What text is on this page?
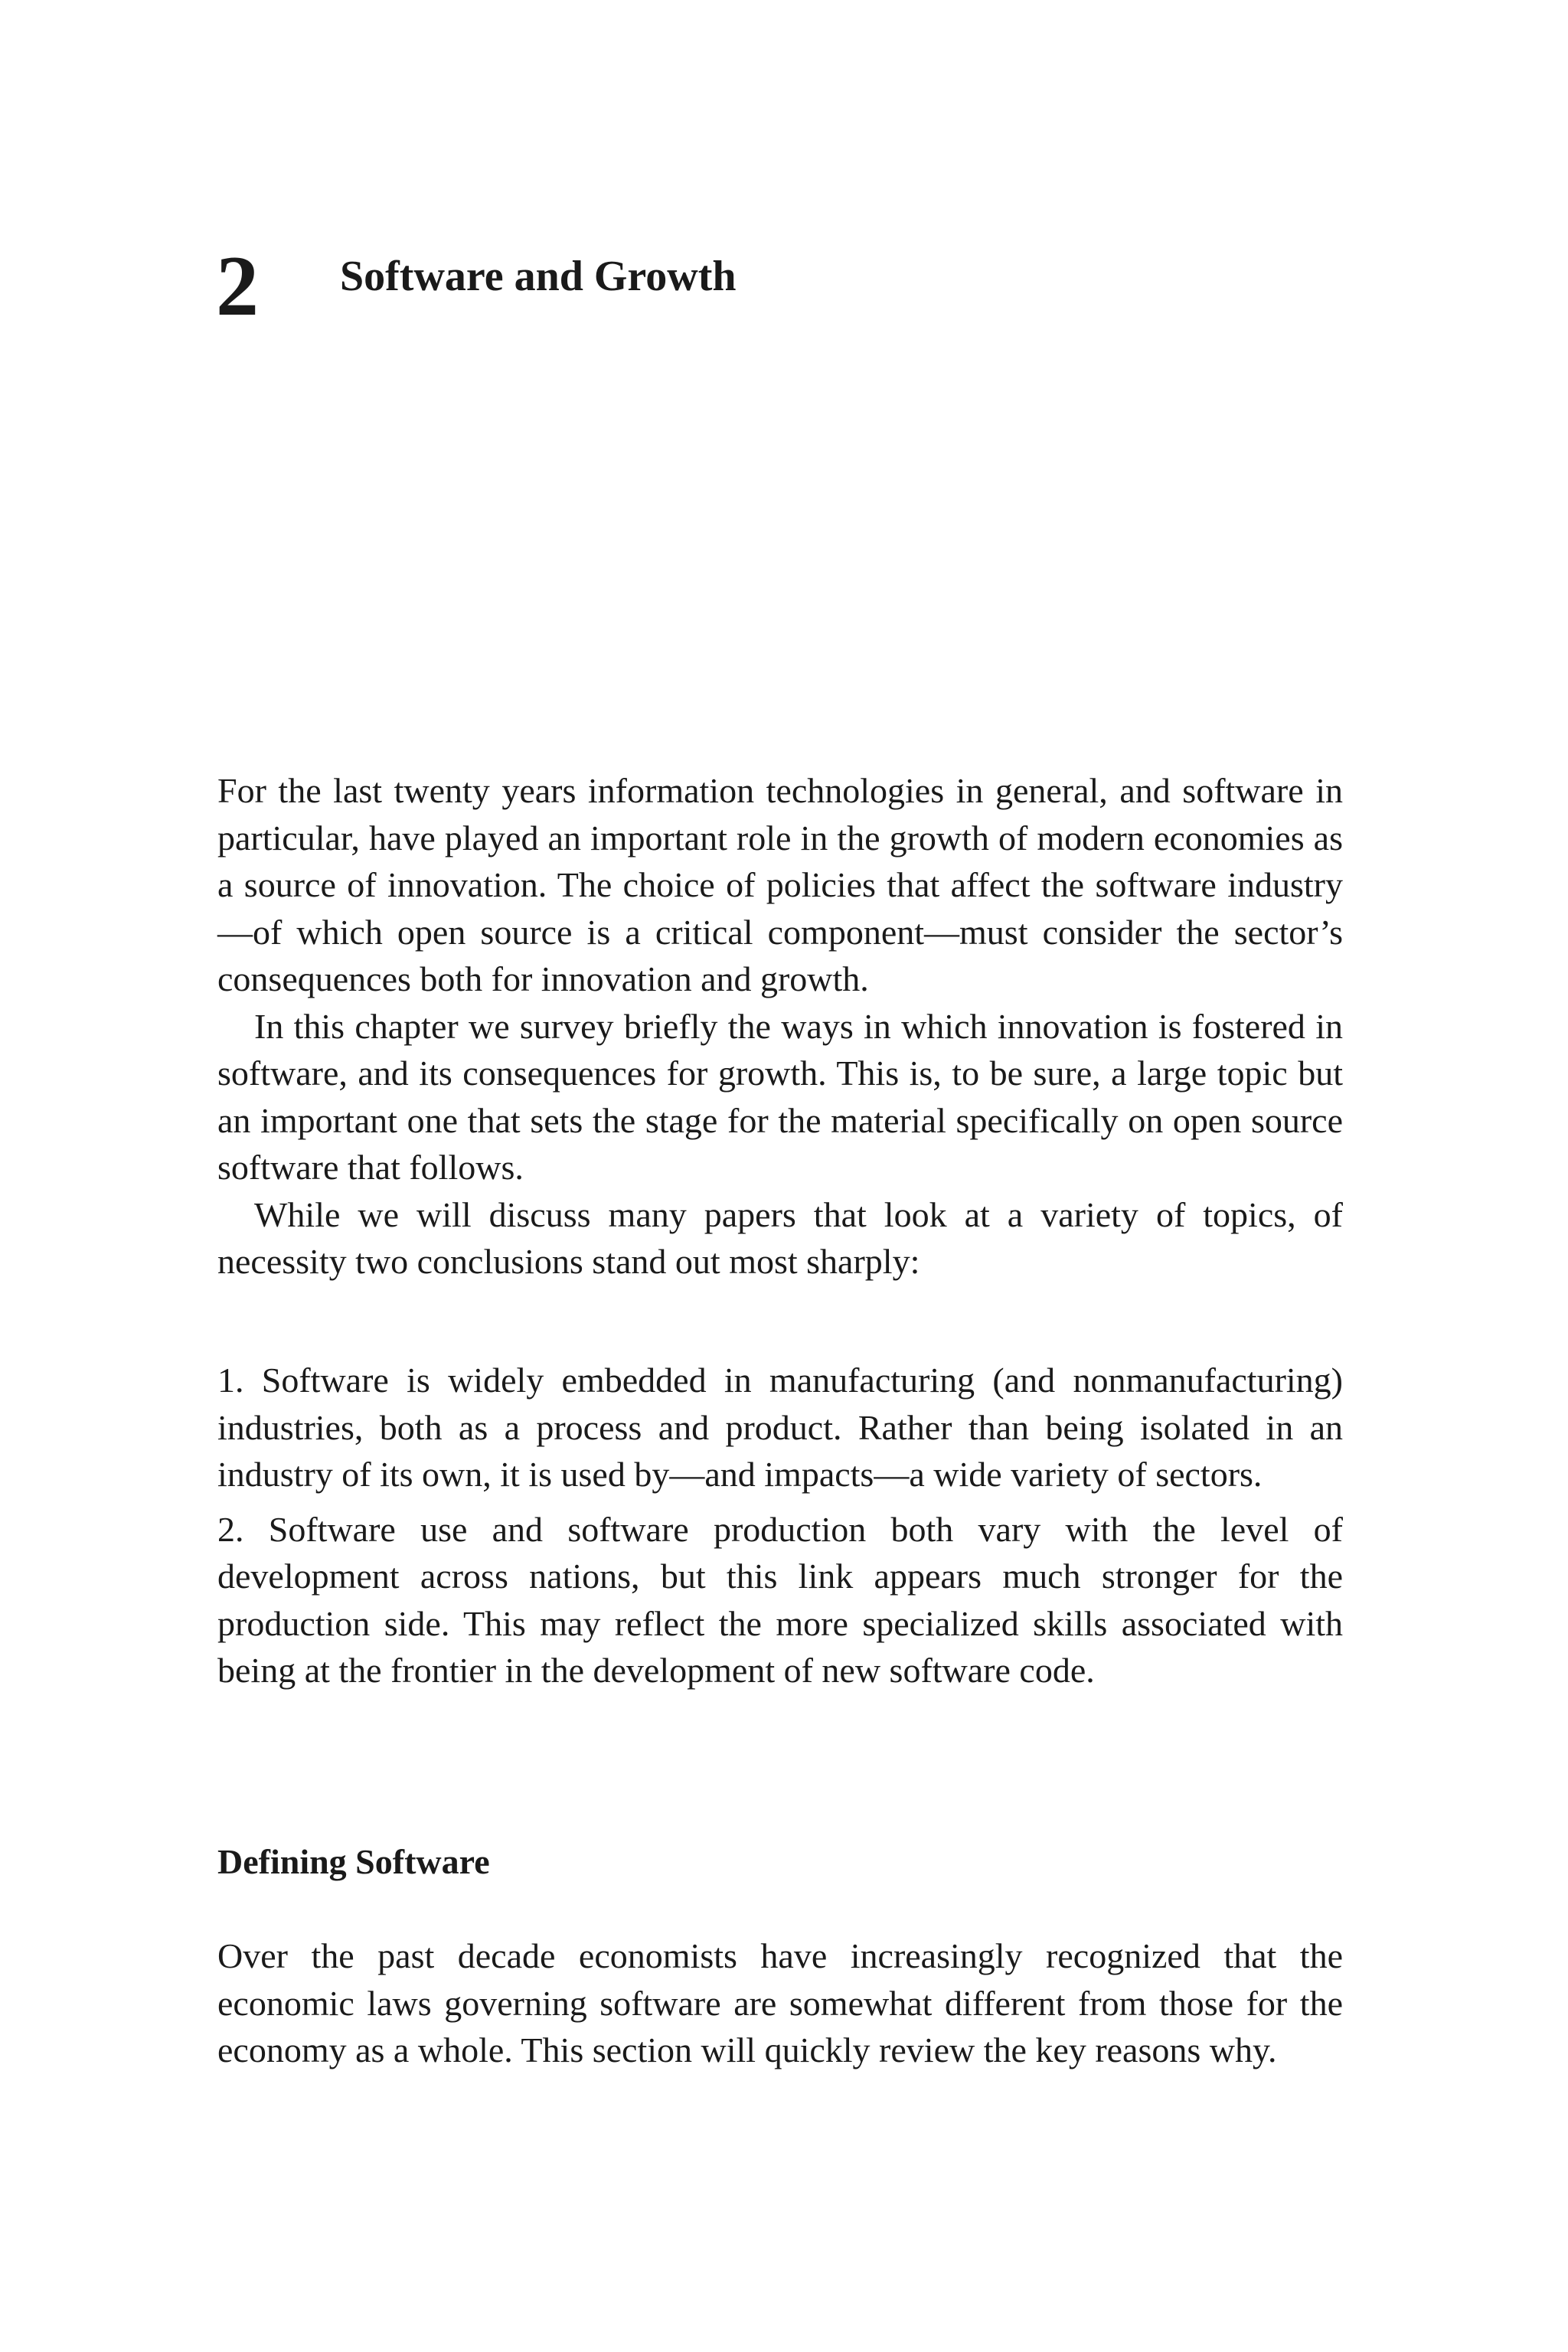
2 Software and Growth

For the last twenty years information technologies in general, and software in particular, have played an important role in the growth of modern economies as a source of innovation. The choice of policies that affect the software industry—of which open source is a critical component—must consider the sector’s consequences both for innovation and growth.

In this chapter we survey briefly the ways in which innovation is fostered in software, and its consequences for growth. This is, to be sure, a large topic but an important one that sets the stage for the material specifically on open source software that follows.

While we will discuss many papers that look at a variety of topics, of necessity two conclusions stand out most sharply:

1. Software is widely embedded in manufacturing (and nonmanufacturing) industries, both as a process and product. Rather than being isolated in an industry of its own, it is used by—and impacts—a wide variety of sectors.

2. Software use and software production both vary with the level of development across nations, but this link appears much stronger for the production side. This may reflect the more specialized skills associated with being at the frontier in the development of new software code.

Defining Software

Over the past decade economists have increasingly recognized that the economic laws governing software are somewhat different from those for the economy as a whole. This section will quickly review the key reasons why.
